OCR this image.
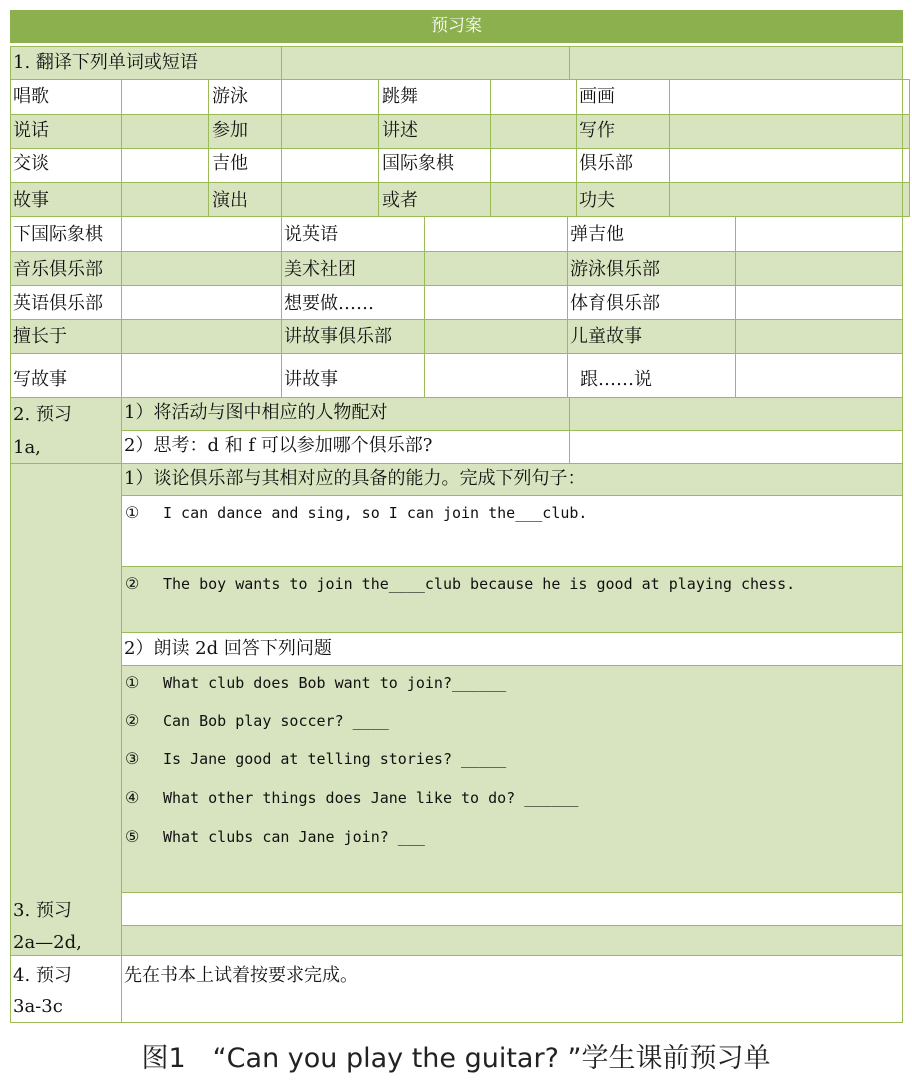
预习案
1. 翻译下列单词或短语
唱歌	游泳	跳舞	画画
说话	参加	讲述	写作
交谈	吉他	国际象棋	俱乐部
故事	演出	或者	功夫
下国际象棋	说英语	弹吉他
音乐俱乐部	美术社团	游泳俱乐部
英语俱乐部	想要做……	体育俱乐部
擅长于	讲故事俱乐部	儿童故事
写故事	讲故事	跟……说
2. 预习
1a,
1）将活动与图中相应的人物配对
2）思考：d 和 f 可以参加哪个俱乐部?
1）谈论俱乐部与其相对应的具备的能力。完成下列句子：
① I can dance and sing, so I can join the___club.
② The boy wants to join the____club because he is good at playing chess.
2）朗读 2d 回答下列问题
① What club does Bob want to join?______
② Can Bob play soccer? ____
③ Is Jane good at telling stories? _____
④ What other things does Jane like to do? ______
⑤ What clubs can Jane join? ___
3. 预习
2a—2d,
4. 预习
3a-3c
先在书本上试着按要求完成。
图1　“Can you play the guitar? ”学生课前预习单
